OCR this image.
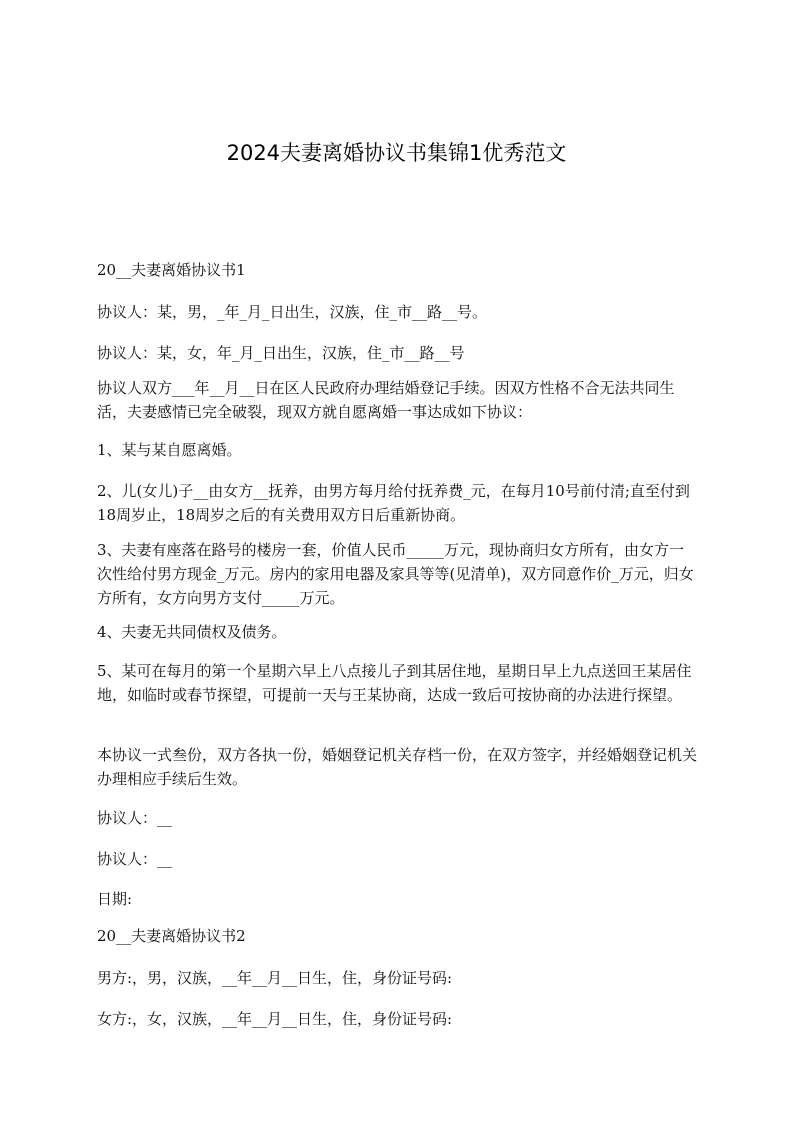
2024夫妻离婚协议书集锦1优秀范文

20__夫妻离婚协议书1

协议人：某，男，_年_月_日出生，汉族，住_市__路__号。

协议人：某，女，年_月_日出生，汉族，住_市__路__号

协议人双方___年__月__日在区人民政府办理结婚登记手续。因双方性格不合无法共同生活，夫妻感情已完全破裂，现双方就自愿离婚一事达成如下协议：

1、某与某自愿离婚。

2、儿(女儿)子__由女方__抚养，由男方每月给付抚养费_元，在每月10号前付清;直至付到18周岁止，18周岁之后的有关费用双方日后重新协商。

3、夫妻有座落在路号的楼房一套，价值人民币_____万元，现协商归女方所有，由女方一次性给付男方现金_万元。房内的家用电器及家具等等(见清单)，双方同意作价_万元，归女方所有，女方向男方支付_____万元。

4、夫妻无共同债权及债务。

5、某可在每月的第一个星期六早上八点接儿子到其居住地，星期日早上九点送回王某居住地，如临时或春节探望，可提前一天与王某协商，达成一致后可按协商的办法进行探望。

本协议一式叁份，双方各执一份，婚姻登记机关存档一份，在双方签字，并经婚姻登记机关办理相应手续后生效。

协议人：__

协议人：__

日期:

20__夫妻离婚协议书2

男方:，男，汉族，__年__月__日生，住，身份证号码:

女方:，女，汉族，__年__月__日生，住，身份证号码:
